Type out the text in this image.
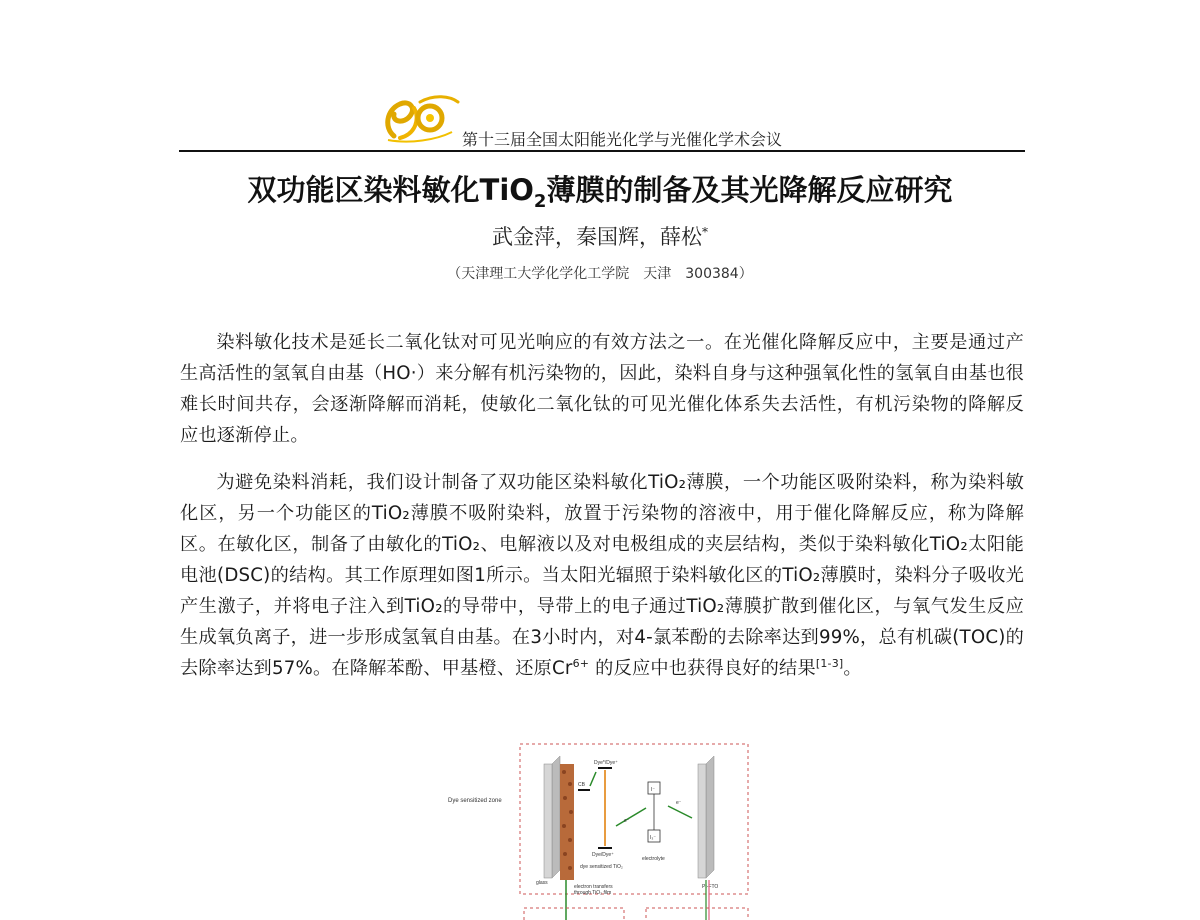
第十三届全国太阳能光化学与光催化学术会议
双功能区染料敏化TiO$_2$薄膜的制备及其光降解反应研究
武金萍，秦国辉，薛松*
（天津理工大学化学化工学院　天津　300384）

染料敏化技术是延长二氧化钛对可见光响应的有效方法之一。在光催化降解反应中，主要是通过产生高活性的氢氧自由基（HO·）来分解有机污染物的，因此，染料自身与这种强氧化性的氢氧自由基也很难长时间共存，会逐渐降解而消耗，使敏化二氧化钛的可见光催化体系失去活性，有机污染物的降解反应也逐渐停止。

为避免染料消耗，我们设计制备了双功能区染料敏化TiO₂薄膜，一个功能区吸附染料，称为染料敏化区，另一个功能区的TiO₂薄膜不吸附染料，放置于污染物的溶液中，用于催化降解反应，称为降解区。在敏化区，制备了由敏化的TiO₂、电解液以及对电极组成的夹层结构，类似于染料敏化TiO₂太阳能电池(DSC)的结构。其工作原理如图1所示。当太阳光辐照于染料敏化区的TiO₂薄膜时，染料分子吸收光产生激子，并将电子注入到TiO₂的导带中，导带上的电子通过TiO₂薄膜扩散到催化区，与氧气发生反应生成氧负离子，进一步形成氢氧自由基。在3小时内，对4-氯苯酚的去除率达到99%，总有机碳(TOC)的去除率达到57%。在降解苯酚、甲基橙、还原$Cr^{6+}$ 的反应中也获得良好的结果[1-3]。

Dye sensitized zone
Dye*/Dye⁺
CB
Dye/Dye⁺
I⁻
I₃⁻
e⁻
e⁻
electrolyte
Pt-FTO
glass
dye sensitized TiO₂
electron transfers
through TiO₂ film
